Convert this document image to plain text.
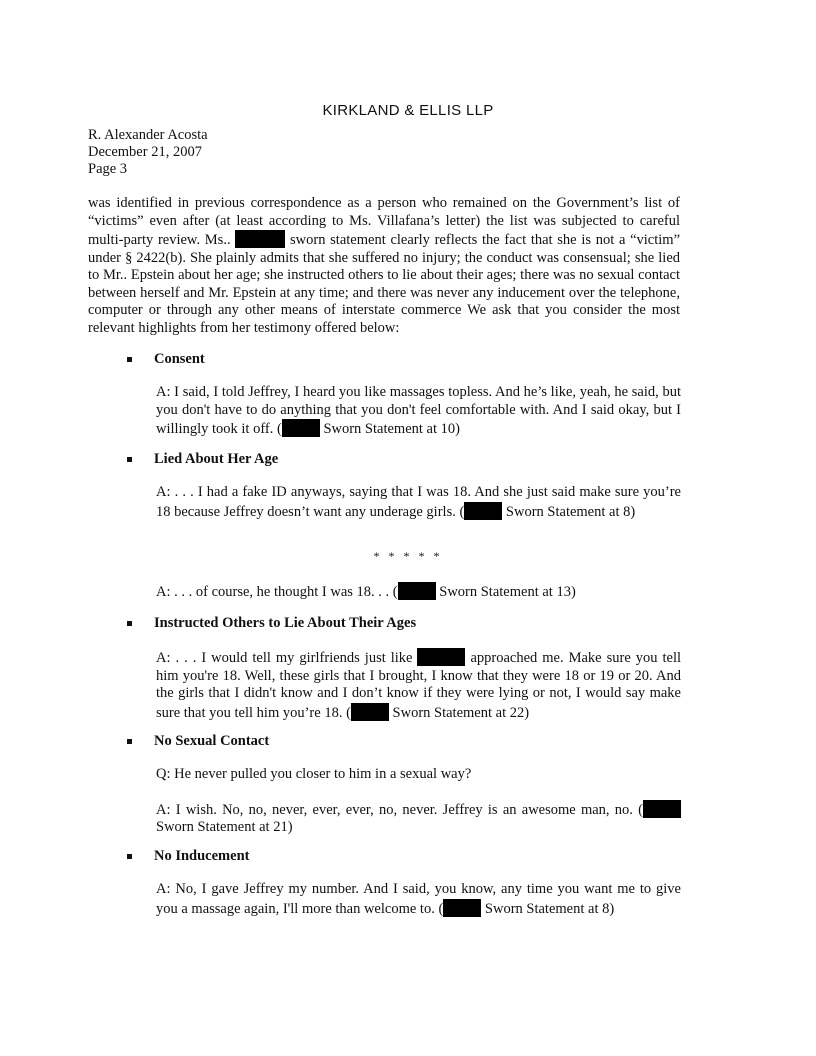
KIRKLAND & ELLIS LLP
R. Alexander Acosta
December 21, 2007
Page 3
was identified in previous correspondence as a person who remained on the Government’s list of “victims” even after (at least according to Ms. Villafana’s letter) the list was subjected to careful multi-party review. Ms..	sworn statement clearly reflects the fact that she is not a “victim” under § 2422(b). She plainly admits that she suffered no injury; the conduct was consensual; she lied to Mr.. Epstein about her age; she instructed others to lie about their ages; there was no sexual contact between herself and Mr. Epstein at any time; and there was never any inducement over the telephone, computer or through any other means of interstate commerce We ask that you consider the most relevant highlights from her testimony offered below:
Consent
A: I said, I told Jeffrey, I heard you like massages topless. And he’s like, yeah, he said, but you don't have to do anything that you don't feel comfortable with. And I said okay, but I willingly took it off. (	Sworn Statement at 10)
Lied About Her Age
A: . . . I had a fake ID anyways, saying that I was 18. And she just said make sure you’re 18 because Jeffrey doesn’t want any underage girls. (	Sworn Statement at 8)
* * * * *
A: . . . of course, he thought I was 18. . . (	Sworn Statement at 13)
Instructed Others to Lie About Their Ages
A: . . . I would tell my girlfriends just like	approached me. Make sure you tell him you're 18. Well, these girls that I brought, I know that they were 18 or 19 or 20. And the girls that I didn't know and I don’t know if they were lying or not, I would say make sure that you tell him you’re 18. (	Sworn Statement at 22)
No Sexual Contact
Q: He never pulled you closer to him in a sexual way?
A: I wish. No, no, never, ever, ever, no, never. Jeffrey is an awesome man, no. ( Sworn Statement at 21)
No Inducement
A: No, I gave Jeffrey my number. And I said, you know, any time you want me to give you a massage again, I'll more than welcome to. (	Sworn Statement at 8)
